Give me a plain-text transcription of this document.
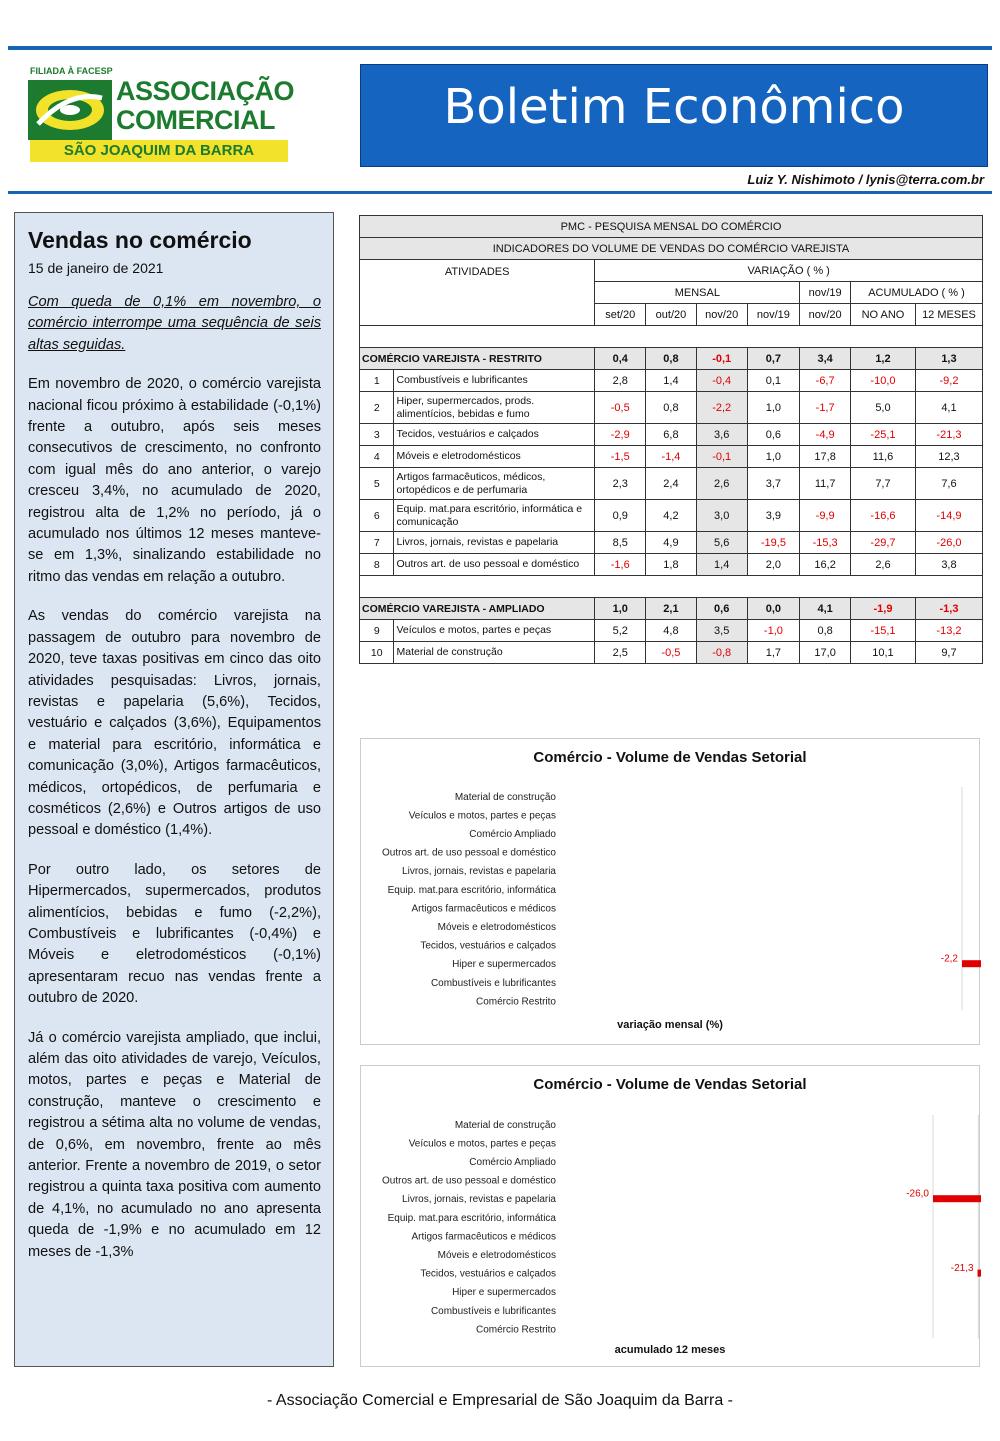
FILIADA À FACESP
ASSOCIAÇÃO
COMERCIAL
SÃO JOAQUIM DA BARRA
Boletim Econômico
Luiz Y. Nishimoto / lynis@terra.com.br
Vendas no comércio
15 de janeiro de 2021

Com queda de 0,1% em novembro, o comércio interrompe uma sequência de seis altas seguidas.

Em novembro de 2020, o comércio varejista nacional ficou próximo à estabilidade (-0,1%) frente a outubro, após seis meses consecutivos de crescimento, no confronto com igual mês do ano anterior, o varejo cresceu 3,4%, no acumulado de 2020, registrou alta de 1,2% no período, já o acumulado nos últimos 12 meses manteve-se em 1,3%, sinalizando estabilidade no ritmo das vendas em relação a outubro.

As vendas do comércio varejista na passagem de outubro para novembro de 2020, teve taxas positivas em cinco das oito atividades pesquisadas: Livros, jornais, revistas e papelaria (5,6%), Tecidos, vestuário e calçados (3,6%), Equipamentos e material para escritório, informática e comunicação (3,0%), Artigos farmacêuticos, médicos, ortopédicos, de perfumaria e cosméticos (2,6%) e Outros artigos de uso pessoal e doméstico (1,4%).

Por outro lado, os setores de Hipermercados, supermercados, produtos alimentícios, bebidas e fumo (-2,2%), Combustíveis e lubrificantes (-0,4%) e Móveis e eletrodomésticos (-0,1%) apresentaram recuo nas vendas frente a outubro de 2020.

Já o comércio varejista ampliado, que inclui, além das oito atividades de varejo, Veículos, motos, partes e peças e Material de construção, manteve o crescimento e registrou a sétima alta no volume de vendas, de 0,6%, em novembro, frente ao mês anterior. Frente a novembro de 2019, o setor registrou a quinta taxa positiva com aumento de 4,1%, no acumulado no ano apresenta queda de -1,9% e no acumulado em 12 meses de -1,3%

PMC - PESQUISA MENSAL DO COMÉRCIO								
INDICADORES DO VOLUME DE VENDAS DO COMÉRCIO VAREJISTA								
ATIVIDADES		VARIAÇÃO ( % )						
		MENSAL				nov/19	ACUMULADO ( % )	
		set/20	out/20	nov/20	nov/19	nov/20	NO ANO	12 MESES

COMÉRCIO VAREJISTA - RESTRITO		0,4	0,8	-0,1	0,7	3,4	1,2	1,3
1	Combustíveis e lubrificantes	2,8	1,4	-0,4	0,1	-6,7	-10,0	-9,2
2	Hiper, supermercados, prods. alimentícios, bebidas e fumo	-0,5	0,8	-2,2	1,0	-1,7	5,0	4,1
3	Tecidos, vestuários e calçados	-2,9	6,8	3,6	0,6	-4,9	-25,1	-21,3
4	Móveis e eletrodomésticos	-1,5	-1,4	-0,1	1,0	17,8	11,6	12,3
5	Artigos farmacêuticos, médicos, ortopédicos e de perfumaria	2,3	2,4	2,6	3,7	11,7	7,7	7,6
6	Equip. mat.para escritório, informática e comunicação	0,9	4,2	3,0	3,9	-9,9	-16,6	-14,9
7	Livros, jornais, revistas e papelaria	8,5	4,9	5,6	-19,5	-15,3	-29,7	-26,0
8	Outros art. de uso pessoal e doméstico	-1,6	1,8	1,4	2,0	16,2	2,6	3,8

COMÉRCIO VAREJISTA - AMPLIADO		1,0	2,1	0,6	0,0	4,1	-1,9	-1,3
9	Veículos e motos, partes e peças	5,2	4,8	3,5	-1,0	0,8	-15,1	-13,2
10	Material de construção	2,5	-0,5	-0,8	1,7	17,0	10,1	9,7
Comércio - Volume de Vendas Setorial
Material de construção
Veículos e motos, partes e peças
Comércio Ampliado
Outros art. de uso pessoal e doméstico
Livros, jornais, revistas e papelaria
Equip. mat.para escritório, informática
Artigos farmacêuticos e médicos
Móveis e eletrodomésticos
Tecidos, vestuários e calçados
Hiper e supermercados	-2,2
Combustíveis e lubrificantes
Comércio Restrito
variação mensal (%)
Comércio - Volume de Vendas Setorial
Material de construção
Veículos e motos, partes e peças
Comércio Ampliado
Outros art. de uso pessoal e doméstico
Livros, jornais, revistas e papelaria	-26,0
Equip. mat.para escritório, informática
Artigos farmacêuticos e médicos
Móveis e eletrodomésticos
Tecidos, vestuários e calçados	-21,3
Hiper e supermercados
Combustíveis e lubrificantes
Comércio Restrito
acumulado 12 meses
- Associação Comercial e Empresarial de São Joaquim da Barra -
